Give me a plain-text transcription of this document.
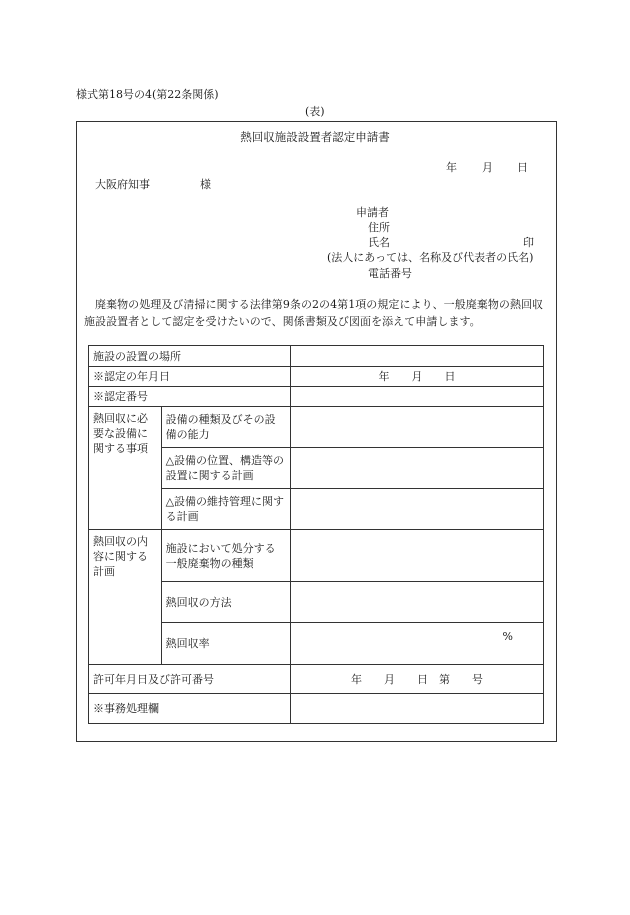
様式第18号の4(第22条関係)
(表)
熱回収施設設置者認定申請書
年 月 日
大阪府知事	様
申請者
住所
氏名	印
(法人にあっては、名称及び代表者の氏名)
電話番号
廃棄物の処理及び清掃に関する法律第9条の2の4第1項の規定により、一般廃棄物の熱回収施設設置者として認定を受けたいので、関係書類及び図面を添えて申請します。
施設の設置の場所		
※認定の年月日		年　　月　　日
※認定番号		
熱回収に必要な設備に関する事項	設備の種類及びその設備の能力	
	△設備の位置、構造等の設置に関する計画	
	△設備の維持管理に関する計画	
熱回収の内容に関する計画	施設において処分する一般廃棄物の種類	
	熱回収の方法	
	熱回収率	%

許可年月日及び許可番号		年　　月　　日　第　　号
※事務処理欄		
